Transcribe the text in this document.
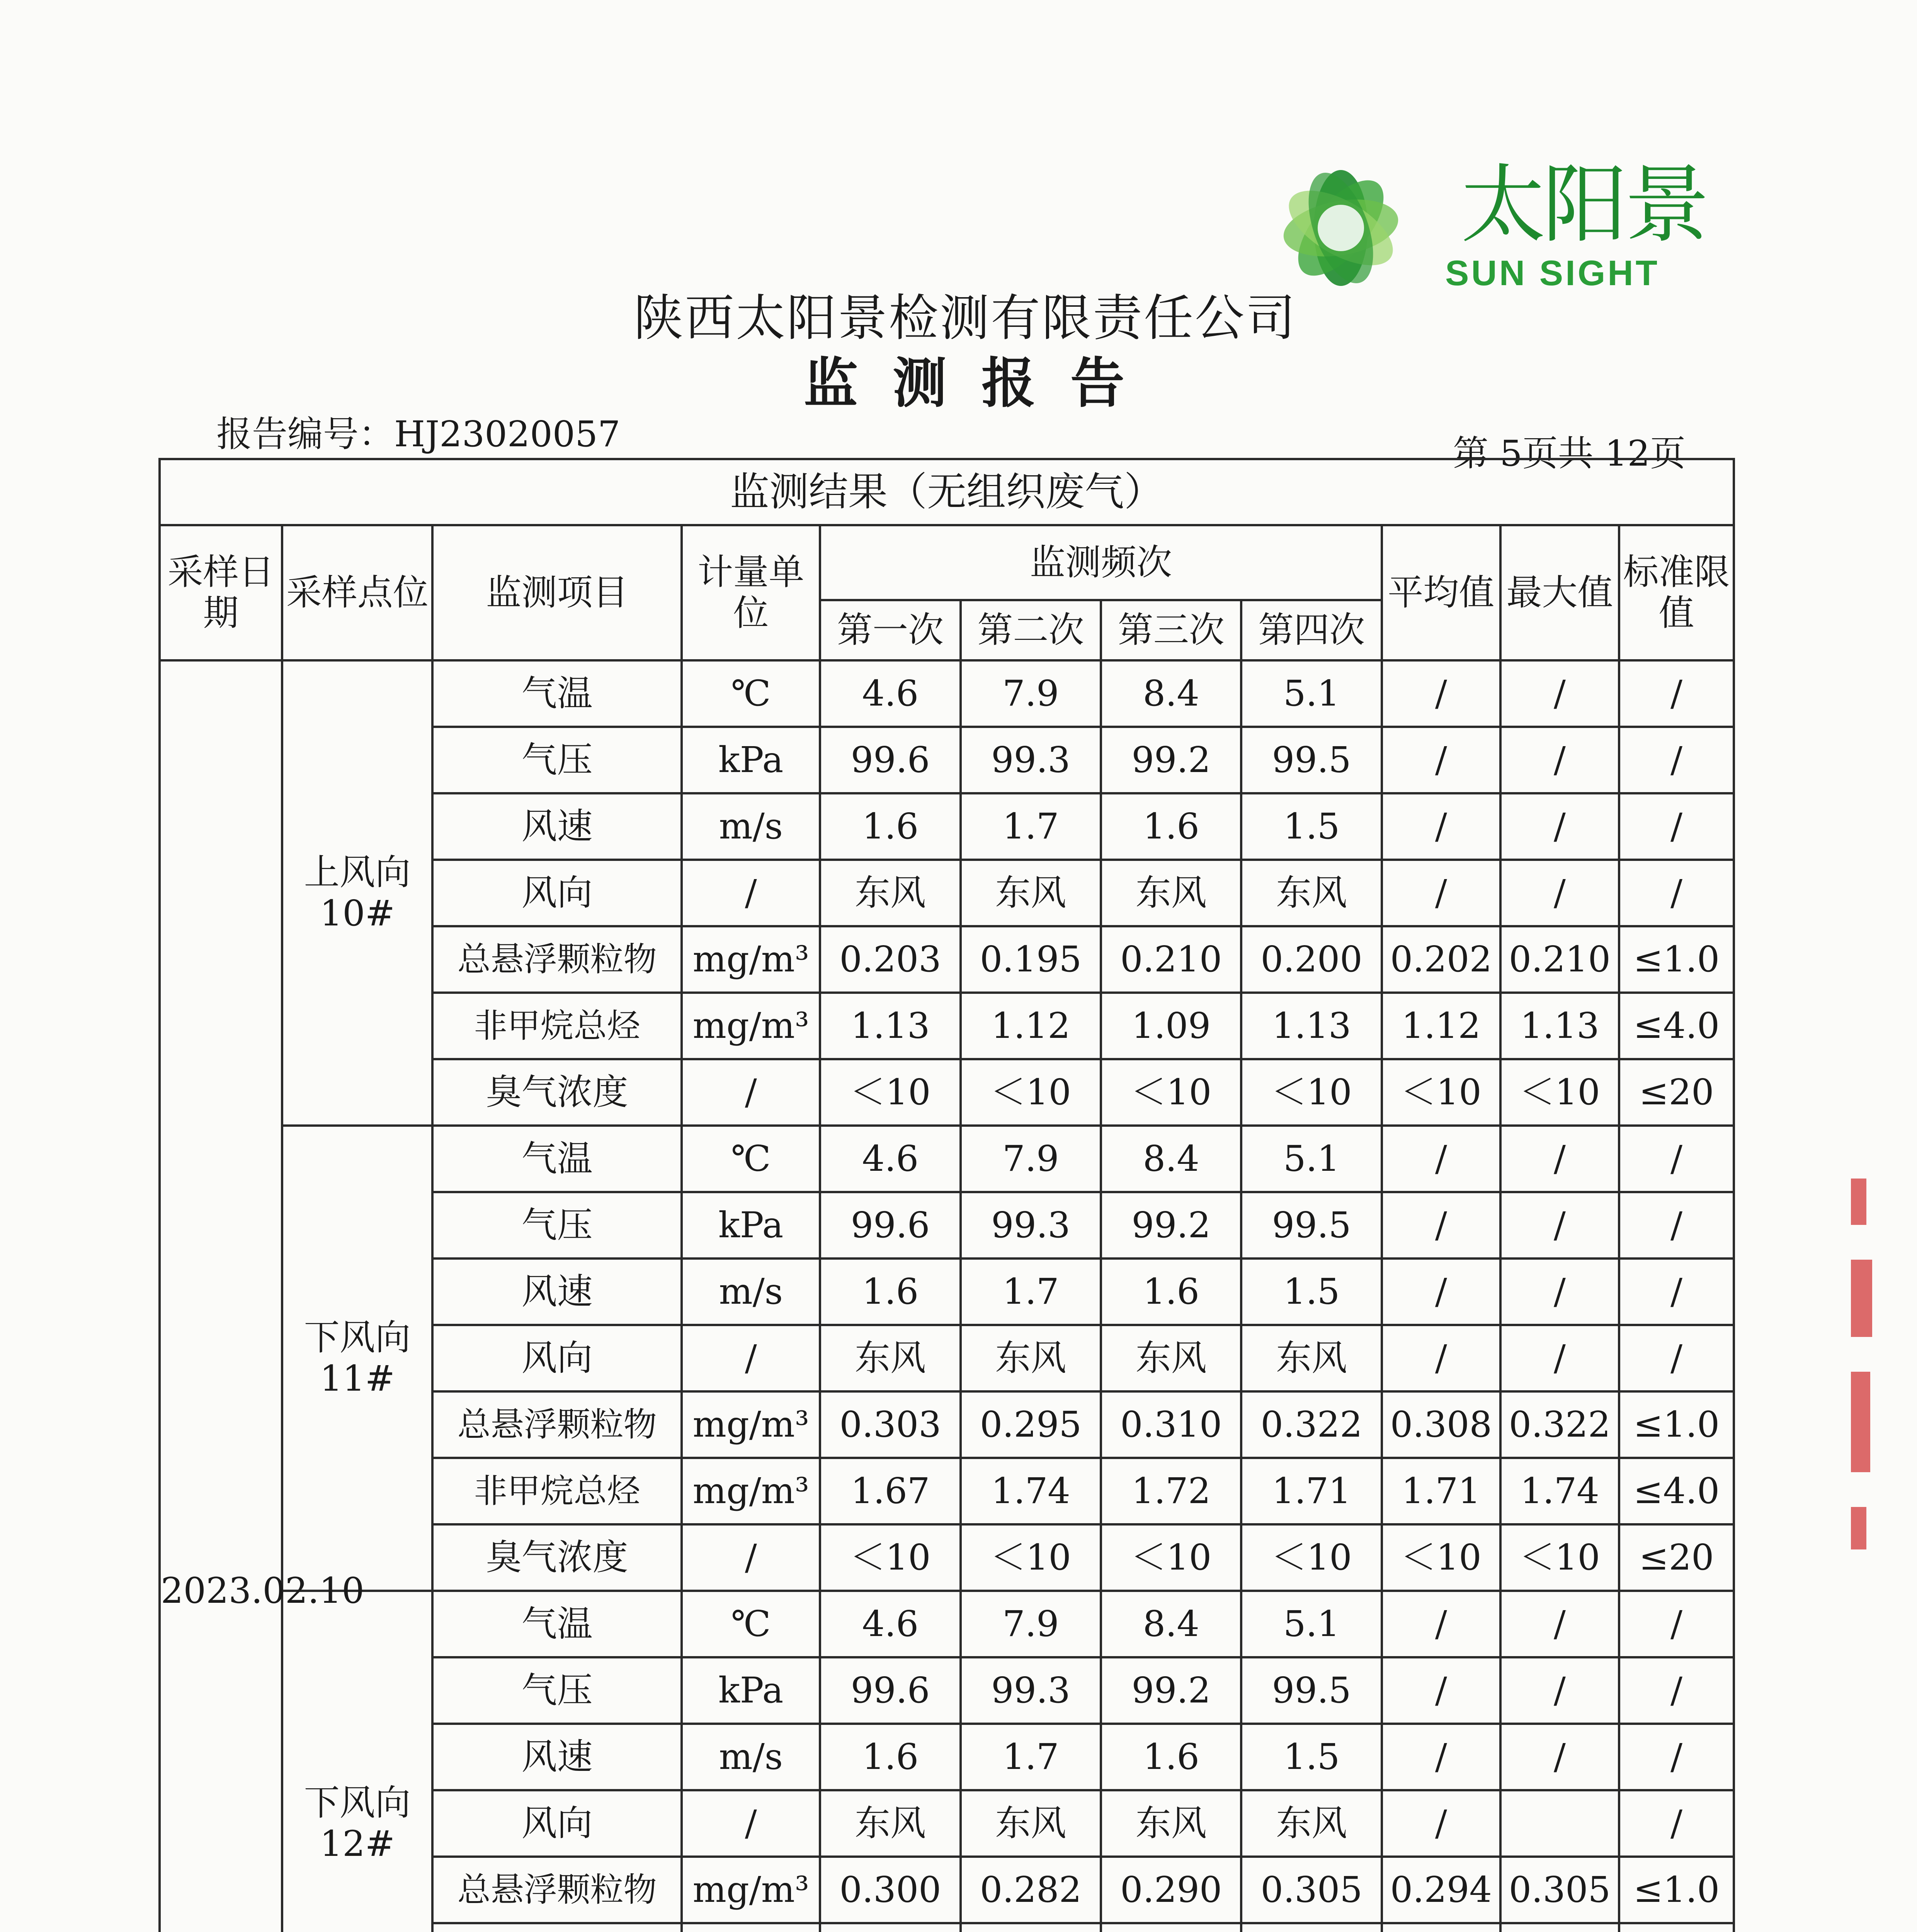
太阳景
SUN SIGHT
陕西太阳景检测有限责任公司
监测报告
报告编号：HJ23020057	第 5页共 12页
监测结果（无组织废气）										
采样日期	采样点位	监测项目	计量单位	监测频次				平均值	最大值	标准限值
				第一次	第二次	第三次	第四次			
2023.02.10	上风向10#	气温	℃	4.6	7.9	8.4	5.1	/	/	/
		气压	kPa	99.6	99.3	99.2	99.5	/	/	/
		风速	m/s	1.6	1.7	1.6	1.5	/	/	/
		风向	/	东风	东风	东风	东风	/	/	/
		总悬浮颗粒物	mg/m³	0.203	0.195	0.210	0.200	0.202	0.210	≤1.0
		非甲烷总烃	mg/m³	1.13	1.12	1.09	1.13	1.12	1.13	≤4.0
		臭气浓度	/	＜10	＜10	＜10	＜10	＜10	＜10	≤20
	下风向11#	气温	℃	4.6	7.9	8.4	5.1	/	/	/
		气压	kPa	99.6	99.3	99.2	99.5	/	/	/
		风速	m/s	1.6	1.7	1.6	1.5	/	/	/
		风向	/	东风	东风	东风	东风	/	/	/
		总悬浮颗粒物	mg/m³	0.303	0.295	0.310	0.322	0.308	0.322	≤1.0
		非甲烷总烃	mg/m³	1.67	1.74	1.72	1.71	1.71	1.74	≤4.0
		臭气浓度	/	＜10	＜10	＜10	＜10	＜10	＜10	≤20
	下风向12#	气温	℃	4.6	7.9	8.4	5.1	/	/	/
		气压	kPa	99.6	99.3	99.2	99.5	/	/	/
		风速	m/s	1.6	1.7	1.6	1.5	/	/	/
		风向	/	东风	东风	东风	东风	/		/
		总悬浮颗粒物	mg/m³	0.300	0.282	0.290	0.305	0.294	0.305	≤1.0
